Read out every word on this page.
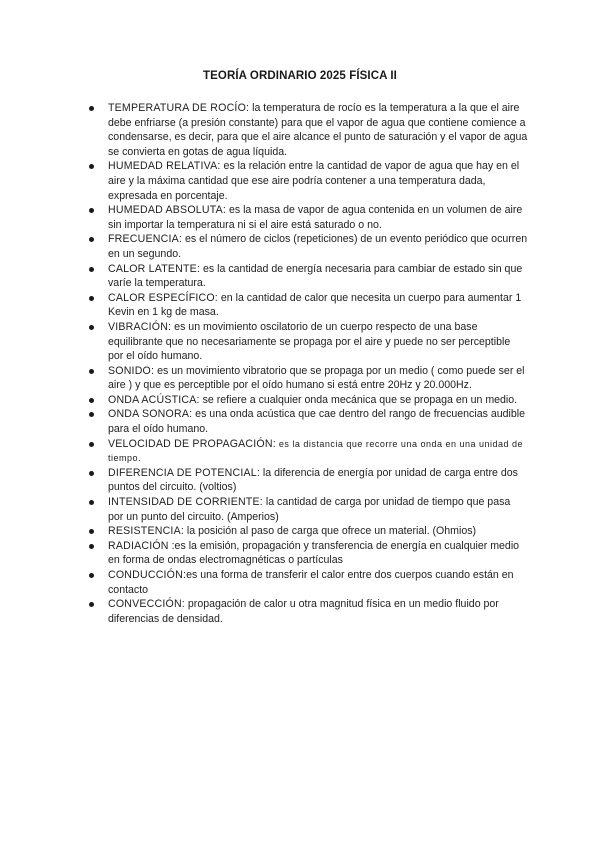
TEORÍA ORDINARIO 2025 FÍSICA II
TEMPERATURA DE ROCÍO: la temperatura de rocío es la temperatura a la que el aire debe enfriarse (a presión constante) para que el vapor de agua que contiene comience a condensarse, es decir, para que el aire alcance el punto de saturación y el vapor de agua se convierta en gotas de agua líquida.
HUMEDAD RELATIVA: es la relación entre la cantidad de vapor de agua que hay en el aire y la máxima cantidad que ese aire podría contener a una temperatura dada, expresada en porcentaje.
HUMEDAD ABSOLUTA: es la masa de vapor de agua contenida en un volumen de aire sin importar la temperatura ni si el aire está saturado o no.
FRECUENCIA: es el número de ciclos (repeticiones) de un evento periódico que ocurren en un segundo.
CALOR LATENTE: es la cantidad de energía necesaria para cambiar de estado sin que varíe la temperatura.
CALOR ESPECÍFICO: en la cantidad de calor que necesita un cuerpo para aumentar 1 Kevin en 1 kg de masa.
VIBRACIÓN: es un movimiento oscilatorio de un cuerpo respecto de una base equilibrante que no necesariamente se propaga por el aire y puede no ser perceptible por el oído humano.
SONIDO: es un movimiento vibratorio que se propaga por un medio ( como puede ser el aire ) y que es perceptible por el oído humano si está entre 20Hz y 20.000Hz.
ONDA ACÚSTICA: se refiere a cualquier onda mecánica que se propaga en un medio.
ONDA SONORA: es una onda acústica que cae dentro del rango de frecuencias audible para el oído humano.
VELOCIDAD DE PROPAGACIÓN: es la distancia que recorre una onda en una unidad de tiempo.
DIFERENCIA DE POTENCIAL: la diferencia de energía por unidad de carga entre dos puntos del circuito. (voltios)
INTENSIDAD DE CORRIENTE: la cantidad de carga por unidad de tiempo que pasa por un punto del circuito. (Amperios)
RESISTENCIA: la posición al paso de carga que ofrece un material. (Ohmios)
RADIACIÓN :es la emisión, propagación y transferencia de energía en cualquier medio en forma de ondas electromagnéticas o partículas
CONDUCCIÓN:es una forma de transferir el calor entre dos cuerpos cuando están en contacto
CONVECCIÓN: propagación de calor u otra magnitud física en un medio fluido por diferencias de densidad.
